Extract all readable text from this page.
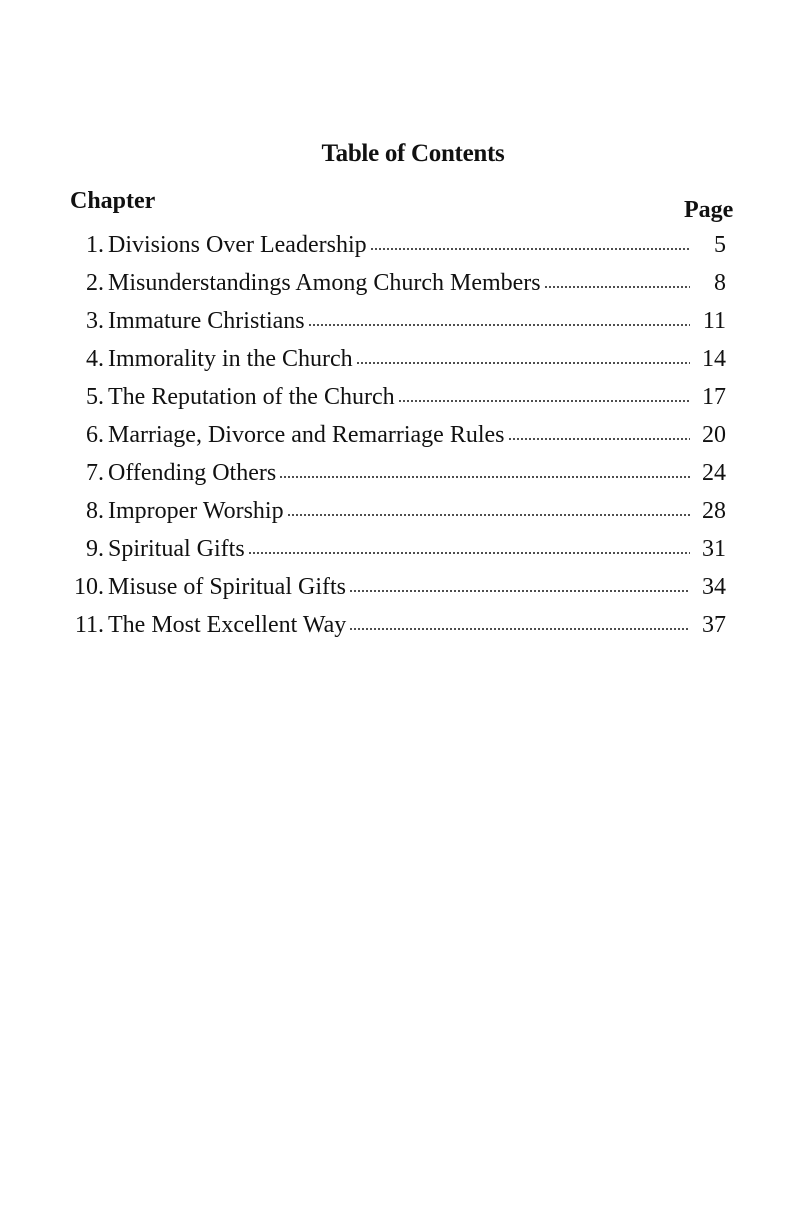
Table of Contents
Chapter	Page
1. Divisions Over Leadership	5
2. Misunderstandings Among Church Members	8
3. Immature Christians	11
4. Immorality in the Church	14
5. The Reputation of the Church	17
6. Marriage, Divorce and Remarriage Rules	20
7. Offending Others	24
8. Improper Worship	28
9. Spiritual Gifts	31
10. Misuse of Spiritual Gifts	34
11. The Most Excellent Way	37
